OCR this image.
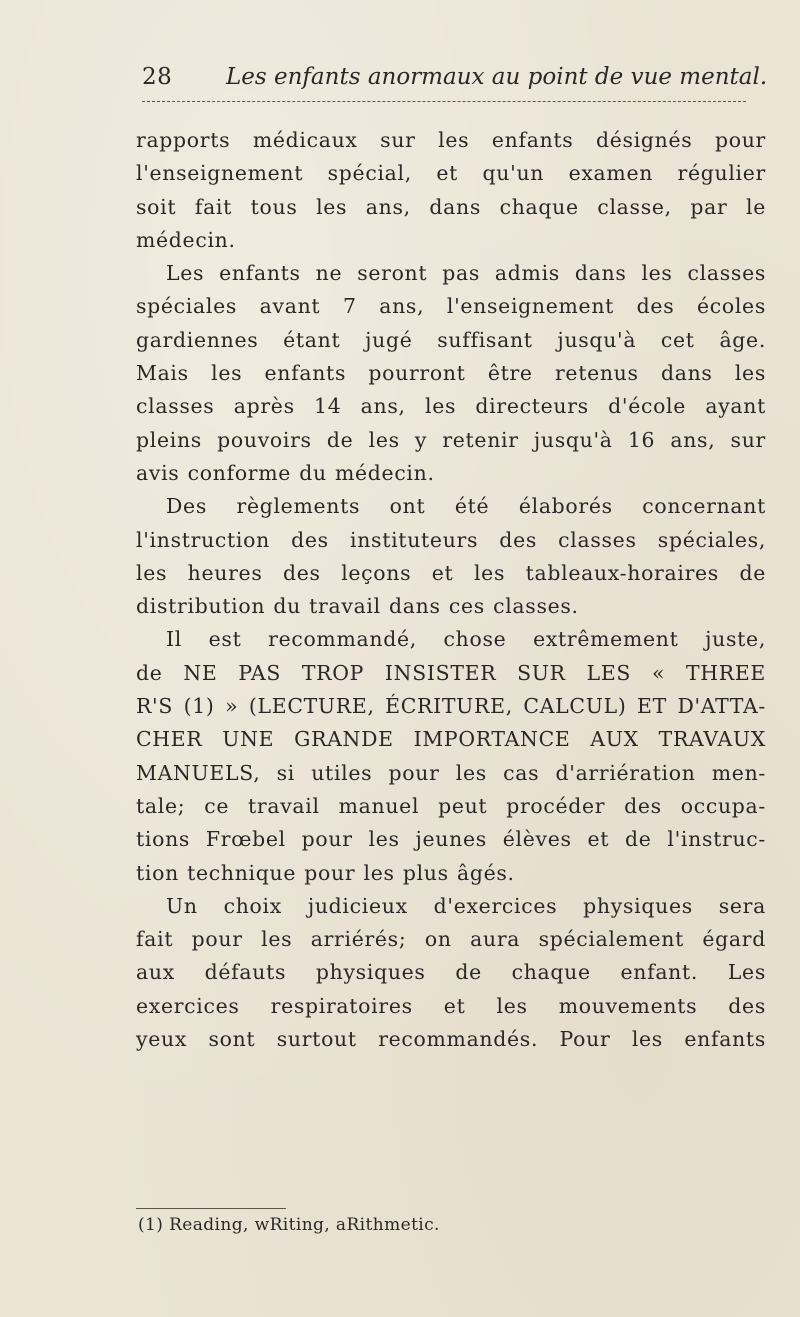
28 Les enfants anormaux au point de vue mental.
rapports médicaux sur les enfants désignés pour
l'enseignement spécial, et qu'un examen régulier
soit fait tous les ans, dans chaque classe, par le
médecin.
Les enfants ne seront pas admis dans les classes
spéciales avant 7 ans, l'enseignement des écoles
gardiennes étant jugé suffisant jusqu'à cet âge.
Mais les enfants pourront être retenus dans les
classes après 14 ans, les directeurs d'école ayant
pleins pouvoirs de les y retenir jusqu'à 16 ans, sur
avis conforme du médecin.
Des règlements ont été élaborés concernant
l'instruction des instituteurs des classes spéciales,
les heures des leçons et les tableaux-horaires de
distribution du travail dans ces classes.
Il est recommandé, chose extrêmement juste,
de NE PAS TROP INSISTER SUR LES « THREE
R'S (1) » (LECTURE, ÉCRITURE, CALCUL) ET D'ATTA-
CHER UNE GRANDE IMPORTANCE AUX TRAVAUX
MANUELS, si utiles pour les cas d'arriération men-
tale; ce travail manuel peut procéder des occupa-
tions Frœbel pour les jeunes élèves et de l'instruc-
tion technique pour les plus âgés.
Un choix judicieux d'exercices physiques sera
fait pour les arriérés; on aura spécialement égard
aux défauts physiques de chaque enfant. Les
exercices respiratoires et les mouvements des
yeux sont surtout recommandés. Pour les enfants
(1) Reading, wRiting, aRithmetic.
